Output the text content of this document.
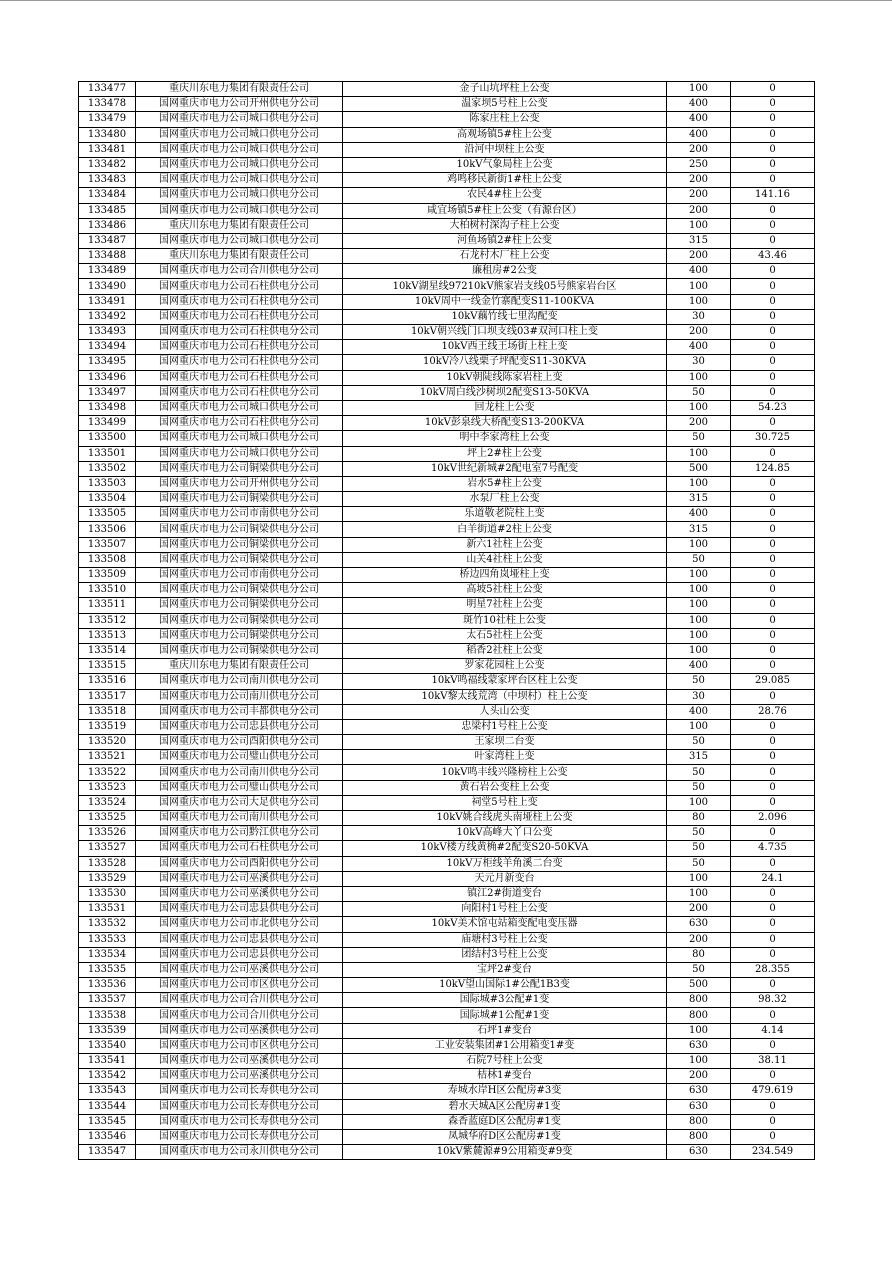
133477	重庆川东电力集团有限责任公司	金子山坑坪柱上公变	100	0
133478	国网重庆市电力公司开州供电分公司	温家坝5号柱上公变	400	0
133479	国网重庆市电力公司城口供电分公司	陈家庄柱上公变	400	0
133480	国网重庆市电力公司城口供电分公司	高观场镇5#柱上公变	400	0
133481	国网重庆市电力公司城口供电分公司	沿河中坝柱上公变	200	0
133482	国网重庆市电力公司城口供电分公司	10kV气象局柱上公变	250	0
133483	国网重庆市电力公司城口供电分公司	鸡鸣移民新街1#柱上公变	200	0
133484	国网重庆市电力公司城口供电分公司	农民4#柱上公变	200	141.16
133485	国网重庆市电力公司城口供电分公司	咸宜场镇5#柱上公变（有源台区）	200	0
133486	重庆川东电力集团有限责任公司	大柏树村深沟子柱上公变	100	0
133487	国网重庆市电力公司城口供电分公司	河鱼场镇2#柱上公变	315	0
133488	重庆川东电力集团有限责任公司	石龙村木厂柱上公变	200	43.46
133489	国网重庆市电力公司合川供电分公司	廉租房#2公变	400	0
133490	国网重庆市电力公司石柱供电分公司	10kV湖星线97210kV熊家岩支线05号熊家岩台区	100	0
133491	国网重庆市电力公司石柱供电分公司	10kV周中一线金竹寨配变S11-100KVA	100	0
133492	国网重庆市电力公司石柱供电分公司	10kV藕竹线七里沟配变	30	0
133493	国网重庆市电力公司石柱供电分公司	10kV朝兴线门口坝支线03#双河口柱上变	200	0
133494	国网重庆市电力公司石柱供电分公司	10kV西王线王场街上柱上变	400	0
133495	国网重庆市电力公司石柱供电分公司	10kV冷八线栗子坪配变S11-30KVA	30	0
133496	国网重庆市电力公司石柱供电分公司	10kV朝陡线陈家岩柱上变	100	0
133497	国网重庆市电力公司石柱供电分公司	10kV周白线沙树坝2配变S13-50KVA	50	0
133498	国网重庆市电力公司城口供电分公司	回龙柱上公变	100	54.23
133499	国网重庆市电力公司石柱供电分公司	10kV彭泉线大桥配变S13-200KVA	200	0
133500	国网重庆市电力公司城口供电分公司	明中李家湾柱上公变	50	30.725
133501	国网重庆市电力公司城口供电分公司	坪上2#柱上公变	100	0
133502	国网重庆市电力公司铜梁供电分公司	10kV世纪新城#2配电室7号配变	500	124.85
133503	国网重庆市电力公司开州供电分公司	岩水5#柱上公变	100	0
133504	国网重庆市电力公司铜梁供电分公司	水泵厂柱上公变	315	0
133505	国网重庆市电力公司市南供电分公司	乐道敬老院柱上变	400	0
133506	国网重庆市电力公司铜梁供电分公司	白羊街道#2柱上公变	315	0
133507	国网重庆市电力公司铜梁供电分公司	新六1社柱上公变	100	0
133508	国网重庆市电力公司铜梁供电分公司	山关4社柱上公变	50	0
133509	国网重庆市电力公司市南供电分公司	桥边四角岚垭柱上变	100	0
133510	国网重庆市电力公司铜梁供电分公司	高坡5社柱上公变	100	0
133511	国网重庆市电力公司铜梁供电分公司	明星7社柱上公变	100	0
133512	国网重庆市电力公司铜梁供电分公司	斑竹10社柱上公变	100	0
133513	国网重庆市电力公司铜梁供电分公司	太石5社柱上公变	100	0
133514	国网重庆市电力公司铜梁供电分公司	稻香2社柱上公变	100	0
133515	重庆川东电力集团有限责任公司	罗家花园柱上公变	400	0
133516	国网重庆市电力公司南川供电分公司	10kV鸣福线蒙家坪台区柱上公变	50	29.085
133517	国网重庆市电力公司南川供电分公司	10kV黎太线荒湾（中坝村）柱上公变	30	0
133518	国网重庆市电力公司丰都供电分公司	人头山公变	400	28.76
133519	国网重庆市电力公司忠县供电分公司	忠梁村1号柱上公变	100	0
133520	国网重庆市电力公司酉阳供电分公司	王家坝二台变	50	0
133521	国网重庆市电力公司璧山供电分公司	叶家湾柱上变	315	0
133522	国网重庆市电力公司南川供电分公司	10kV鸣丰线兴隆榜柱上公变	50	0
133523	国网重庆市电力公司璧山供电分公司	黄石岩公变柱上公变	50	0
133524	国网重庆市电力公司大足供电分公司	祠堂5号柱上变	100	0
133525	国网重庆市电力公司南川供电分公司	10kV姚合线虎头南垭柱上公变	80	2.096
133526	国网重庆市电力公司黔江供电分公司	10kV高峰大丫口公变	50	0
133527	国网重庆市电力公司石柱供电分公司	10kV楼方线黄桷#2配变S20-50KVA	50	4.735
133528	国网重庆市电力公司酉阳供电分公司	10kV万柜线羊角溪二台变	50	0
133529	国网重庆市电力公司巫溪供电分公司	天元月新变台	100	24.1
133530	国网重庆市电力公司巫溪供电分公司	镇江2#街道变台	100	0
133531	国网重庆市电力公司忠县供电分公司	向阳村1号柱上公变	200	0
133532	国网重庆市电力公司市北供电分公司	10kV美术馆屯站箱变配电变压器	630	0
133533	国网重庆市电力公司忠县供电分公司	庙塘村3号柱上公变	200	0
133534	国网重庆市电力公司忠县供电分公司	团结村3号柱上公变	80	0
133535	国网重庆市电力公司巫溪供电分公司	宝坪2#变台	50	28.355
133536	国网重庆市电力公司市区供电分公司	10kV望山国际1#公配1B3变	500	0
133537	国网重庆市电力公司合川供电分公司	国际城#3公配#1变	800	98.32
133538	国网重庆市电力公司合川供电分公司	国际城#1公配#1变	800	0
133539	国网重庆市电力公司巫溪供电分公司	石坪1#变台	100	4.14
133540	国网重庆市电力公司市区供电分公司	工业安装集团#1公用箱变1#变	630	0
133541	国网重庆市电力公司巫溪供电分公司	石院7号柱上公变	100	38.11
133542	国网重庆市电力公司巫溪供电分公司	桔林1#变台	200	0
133543	国网重庆市电力公司长寿供电分公司	寿城水岸H区公配房#3变	630	479.619
133544	国网重庆市电力公司长寿供电分公司	碧水天城A区公配房#1变	630	0
133545	国网重庆市电力公司长寿供电分公司	森香蓝庭D区公配房#1变	800	0
133546	国网重庆市电力公司长寿供电分公司	凤城华府D区公配房#1变	800	0
133547	国网重庆市电力公司永川供电分公司	10kV紫麓源#9公用箱变#9变	630	234.549
